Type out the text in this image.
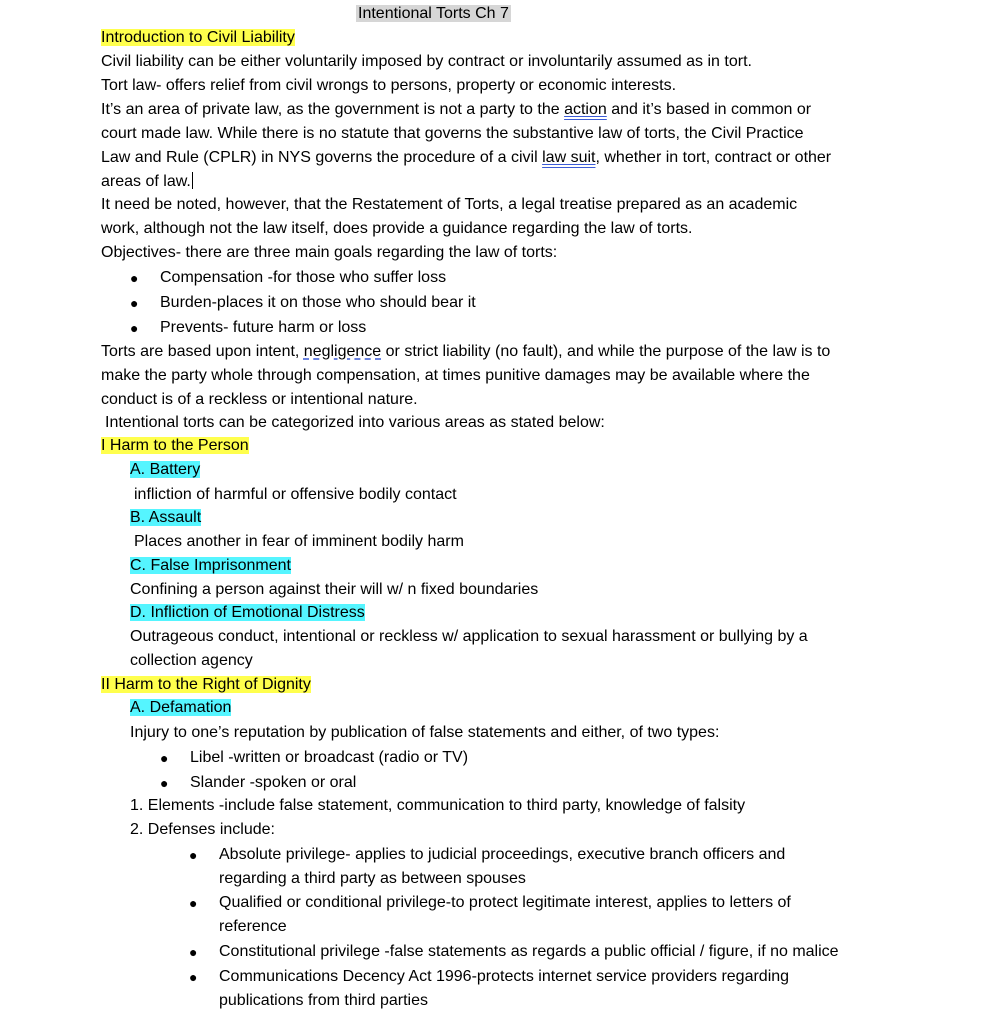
Intentional Torts Ch 7
Introduction to Civil Liability
Civil liability can be either voluntarily imposed by contract or involuntarily assumed as in tort.
Tort law- offers relief from civil wrongs to persons, property or economic interests.
It’s an area of private law, as the government is not a party to the action and it’s based in common or
court made law. While there is no statute that governs the substantive law of torts, the Civil Practice
Law and Rule (CPLR) in NYS governs the procedure of a civil law suit, whether in tort, contract or other
areas of law.
It need be noted, however, that the Restatement of Torts, a legal treatise prepared as an academic
work, although not the law itself, does provide a guidance regarding the law of torts.
Objectives- there are three main goals regarding the law of torts:
● Compensation -for those who suffer loss
● Burden-places it on those who should bear it
● Prevents- future harm or loss
Torts are based upon intent, negligence or strict liability (no fault), and while the purpose of the law is to
make the party whole through compensation, at times punitive damages may be available where the
conduct is of a reckless or intentional nature.
Intentional torts can be categorized into various areas as stated below:
I Harm to the Person
A. Battery
infliction of harmful or offensive bodily contact
B. Assault
Places another in fear of imminent bodily harm
C. False Imprisonment
Confining a person against their will w/ n fixed boundaries
D. Infliction of Emotional Distress
Outrageous conduct, intentional or reckless w/ application to sexual harassment or bullying by a
collection agency
II Harm to the Right of Dignity
A. Defamation
Injury to one’s reputation by publication of false statements and either, of two types:
● Libel -written or broadcast (radio or TV)
● Slander -spoken or oral
1. Elements -include false statement, communication to third party, knowledge of falsity
2. Defenses include:
● Absolute privilege- applies to judicial proceedings, executive branch officers and
regarding a third party as between spouses
● Qualified or conditional privilege-to protect legitimate interest, applies to letters of
reference
● Constitutional privilege -false statements as regards a public official / figure, if no malice
● Communications Decency Act 1996-protects internet service providers regarding
publications from third parties
